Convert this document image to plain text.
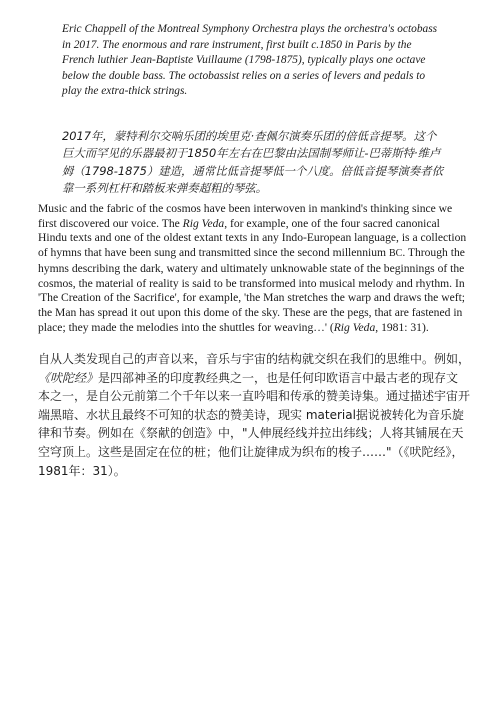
Eric Chappell of the Montreal Symphony Orchestra plays the orchestra's octobass in 2017. The enormous and rare instrument, first built c.1850 in Paris by the French luthier Jean-Baptiste Vuillaume (1798-1875), typically plays one octave below the double bass. The octobassist relies on a series of levers and pedals to play the extra-thick strings.

2017年，蒙特利尔交响乐团的埃里克·查佩尔演奏乐团的倍低音提琴。这个巨大而罕见的乐器最初于1850年左右在巴黎由法国制琴师让-巴蒂斯特·维卢姆（1798-1875）建造，通常比低音提琴低一个八度。倍低音提琴演奏者依靠一系列杠杆和踏板来弹奏超粗的琴弦。

Music and the fabric of the cosmos have been interwoven in mankind's thinking since we first discovered our voice. The Rig Veda, for example, one of the four sacred canonical Hindu texts and one of the oldest extant texts in any Indo-European language, is a collection of hymns that have been sung and transmitted since the second millennium BC. Through the hymns describing the dark, watery and ultimately unknowable state of the beginnings of the cosmos, the material of reality is said to be transformed into musical melody and rhythm. In 'The Creation of the Sacrifice', for example, 'the Man stretches the warp and draws the weft; the Man has spread it out upon this dome of the sky. These are the pegs, that are fastened in place; they made the melodies into the shuttles for weaving…' (Rig Veda, 1981: 31).

自从人类发现自己的声音以来，音乐与宇宙的结构就交织在我们的思维中。例如，《吠陀经》是四部神圣的印度教经典之一，也是任何印欧语言中最古老的现存文本之一，是自公元前第二个千年以来一直吟唱和传承的赞美诗集。通过描述宇宙开端黑暗、水状且最终不可知的状态的赞美诗，现实 material据说被转化为音乐旋律和节奏。例如在《祭献的创造》中，"人伸展经线并拉出纬线；人将其铺展在天空穹顶上。这些是固定在位的桩；他们让旋律成为织布的梭子……"（《吠陀经》，1981年：31）。
